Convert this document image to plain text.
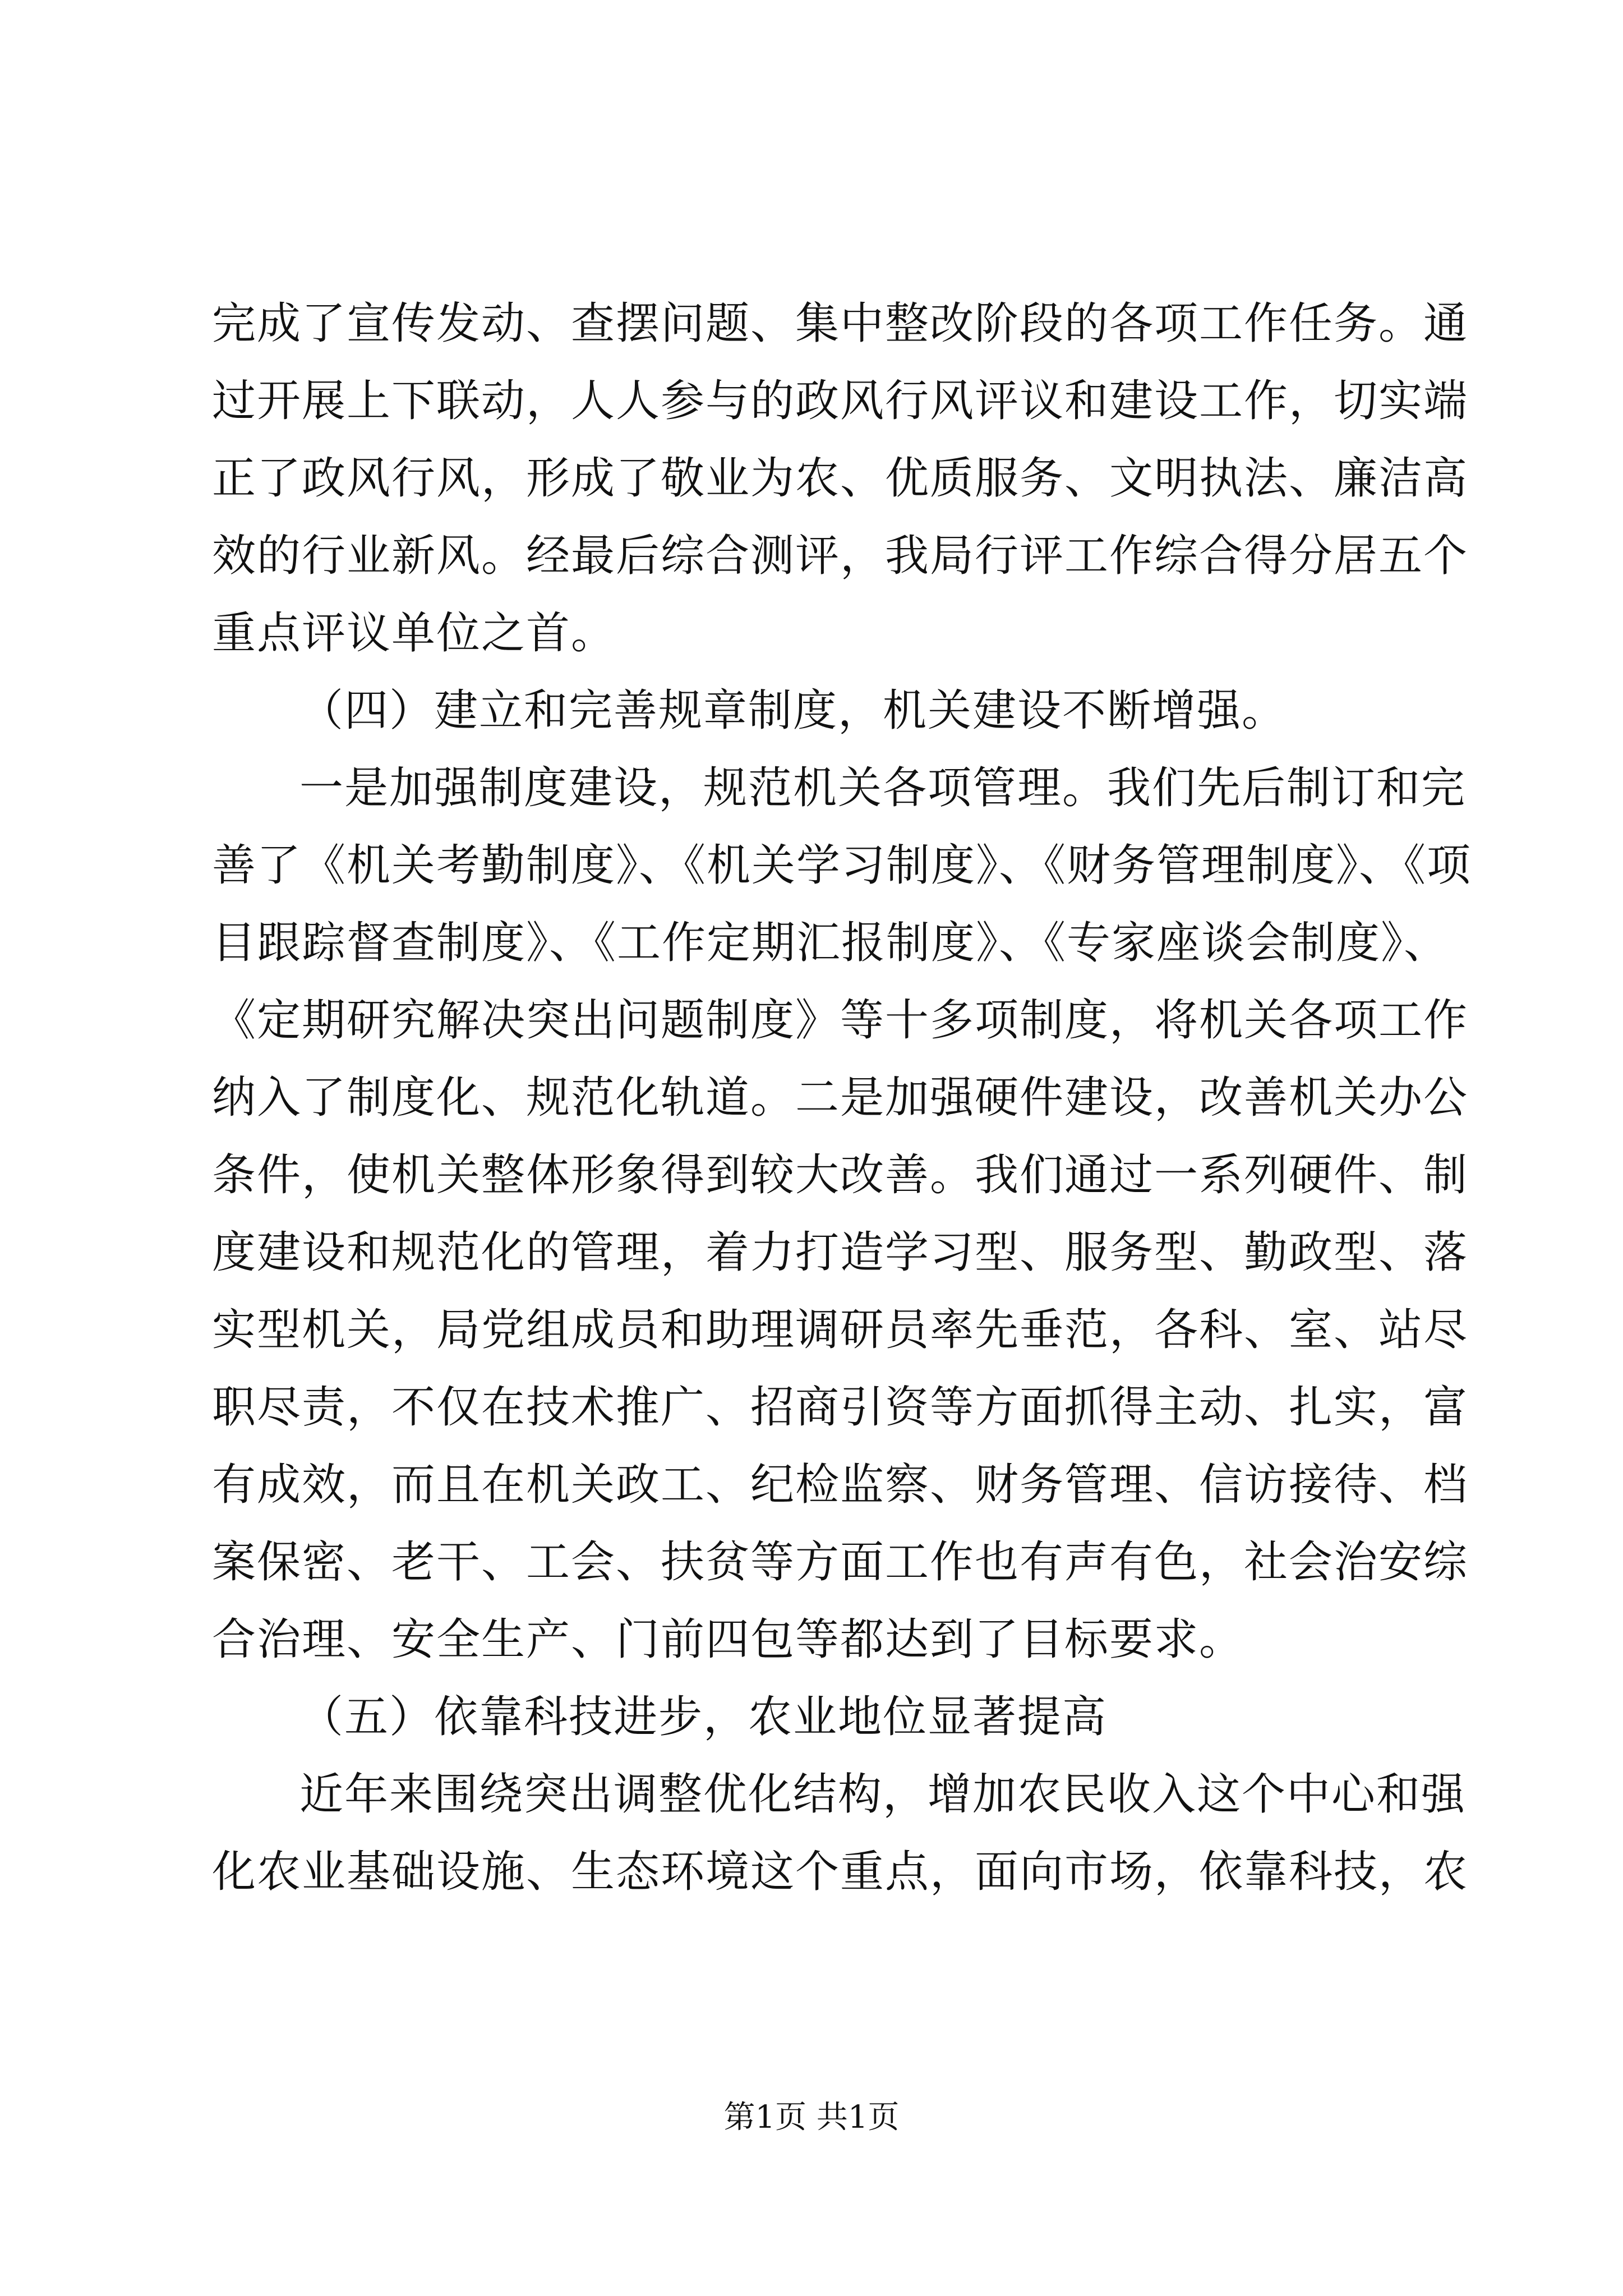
完成了宣传发动、查摆问题、集中整改阶段的各项工作任务。通
过开展上下联动，人人参与的政风行风评议和建设工作，切实端
正了政风行风，形成了敬业为农、优质服务、文明执法、廉洁高
效的行业新风。经最后综合测评，我局行评工作综合得分居五个
重点评议单位之首。
（四）建立和完善规章制度，机关建设不断增强。
一是加强制度建设，规范机关各项管理。我们先后制订和完
善了《机关考勤制度》、《机关学习制度》、《财务管理制度》、《项
目跟踪督查制度》、《工作定期汇报制度》、《专家座谈会制度》、
《定期研究解决突出问题制度》等十多项制度，将机关各项工作
纳入了制度化、规范化轨道。二是加强硬件建设，改善机关办公
条件，使机关整体形象得到较大改善。我们通过一系列硬件、制
度建设和规范化的管理，着力打造学习型、服务型、勤政型、落
实型机关，局党组成员和助理调研员率先垂范，各科、室、站尽
职尽责，不仅在技术推广、招商引资等方面抓得主动、扎实，富
有成效，而且在机关政工、纪检监察、财务管理、信访接待、档
案保密、老干、工会、扶贫等方面工作也有声有色，社会治安综
合治理、安全生产、门前四包等都达到了目标要求。
（五）依靠科技进步，农业地位显著提高
近年来围绕突出调整优化结构，增加农民收入这个中心和强
化农业基础设施、生态环境这个重点，面向市场，依靠科技，农
第1页 共1页
